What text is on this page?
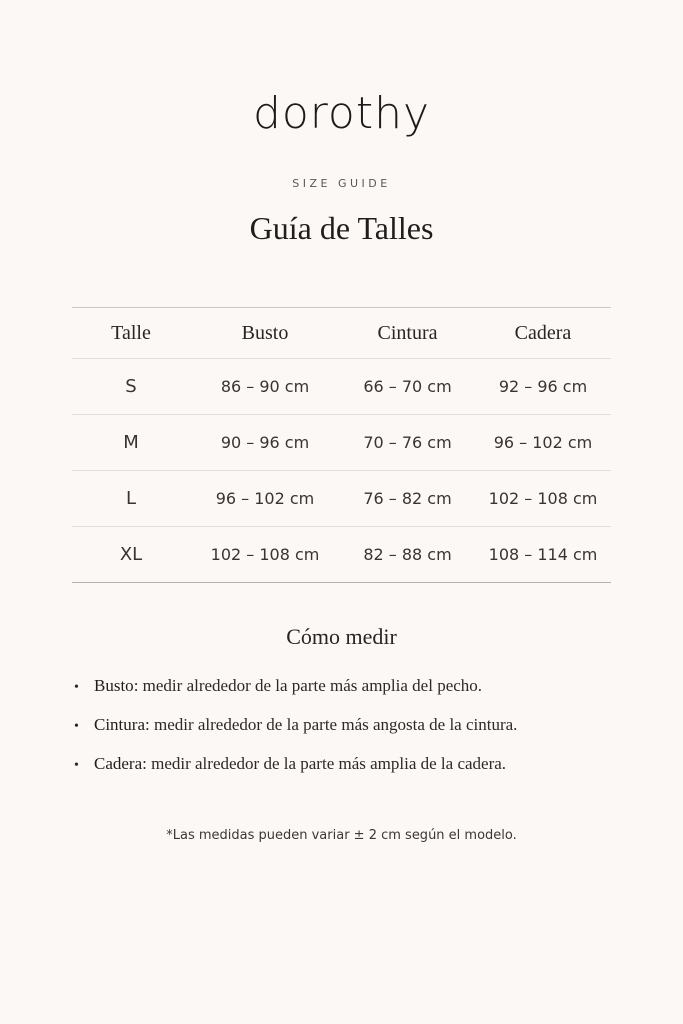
dorothy
SIZE GUIDE
Guía de Talles
Talle	Busto	Cintura	Cadera
S	86 – 90 cm	66 – 70 cm	92 – 96 cm
M	90 – 96 cm	70 – 76 cm	96 – 102 cm
L	96 – 102 cm	76 – 82 cm	102 – 108 cm
XL	102 – 108 cm	82 – 88 cm	108 – 114 cm
Cómo medir
• Busto: medir alrededor de la parte más amplia del pecho.
• Cintura: medir alrededor de la parte más angosta de la cintura.
• Cadera: medir alrededor de la parte más amplia de la cadera.
*Las medidas pueden variar ± 2 cm según el modelo.
